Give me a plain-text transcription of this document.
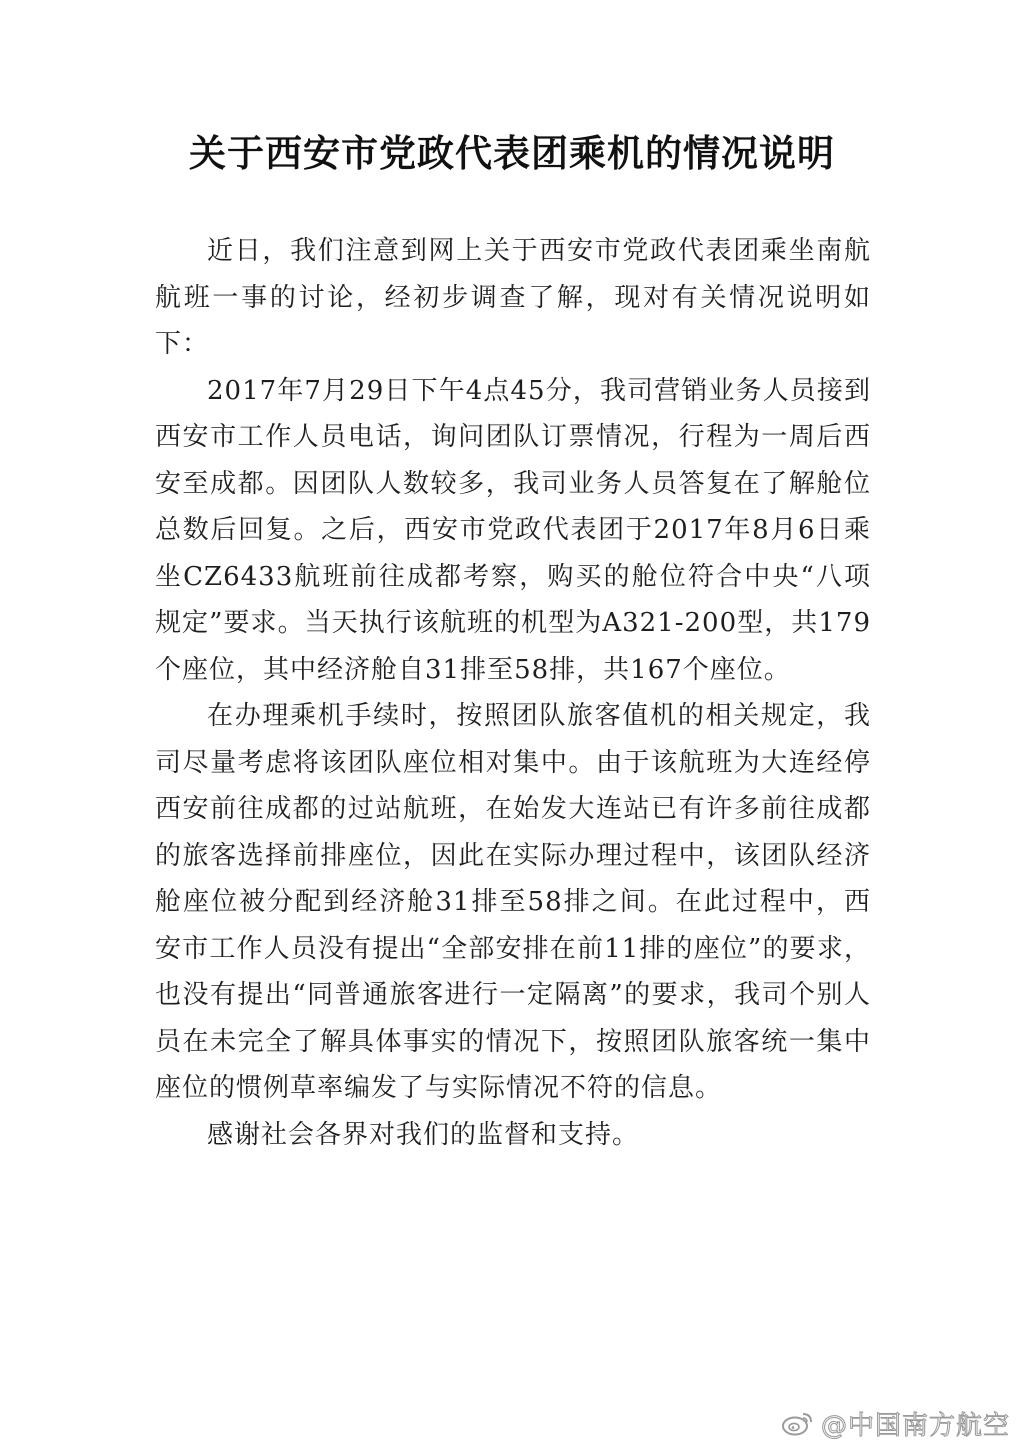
关于西安市党政代表团乘机的情况说明

近日，我们注意到网上关于西安市党政代表团乘坐南航航班一事的讨论，经初步调查了解，现对有关情况说明如下：

2017年7月29日下午4点45分，我司营销业务人员接到西安市工作人员电话，询问团队订票情况，行程为一周后西安至成都。因团队人数较多，我司业务人员答复在了解舱位总数后回复。之后，西安市党政代表团于2017年8月6日乘坐CZ6433航班前往成都考察，购买的舱位符合中央“八项规定”要求。当天执行该航班的机型为A321-200型，共179个座位，其中经济舱自31排至58排，共167个座位。

在办理乘机手续时，按照团队旅客值机的相关规定，我司尽量考虑将该团队座位相对集中。由于该航班为大连经停西安前往成都的过站航班，在始发大连站已有许多前往成都的旅客选择前排座位，因此在实际办理过程中，该团队经济舱座位被分配到经济舱31排至58排之间。在此过程中，西安市工作人员没有提出“全部安排在前11排的座位”的要求，也没有提出“同普通旅客进行一定隔离”的要求，我司个别人员在未完全了解具体事实的情况下，按照团队旅客统一集中座位的惯例草率编发了与实际情况不符的信息。

感谢社会各界对我们的监督和支持。

@中国南方航空
